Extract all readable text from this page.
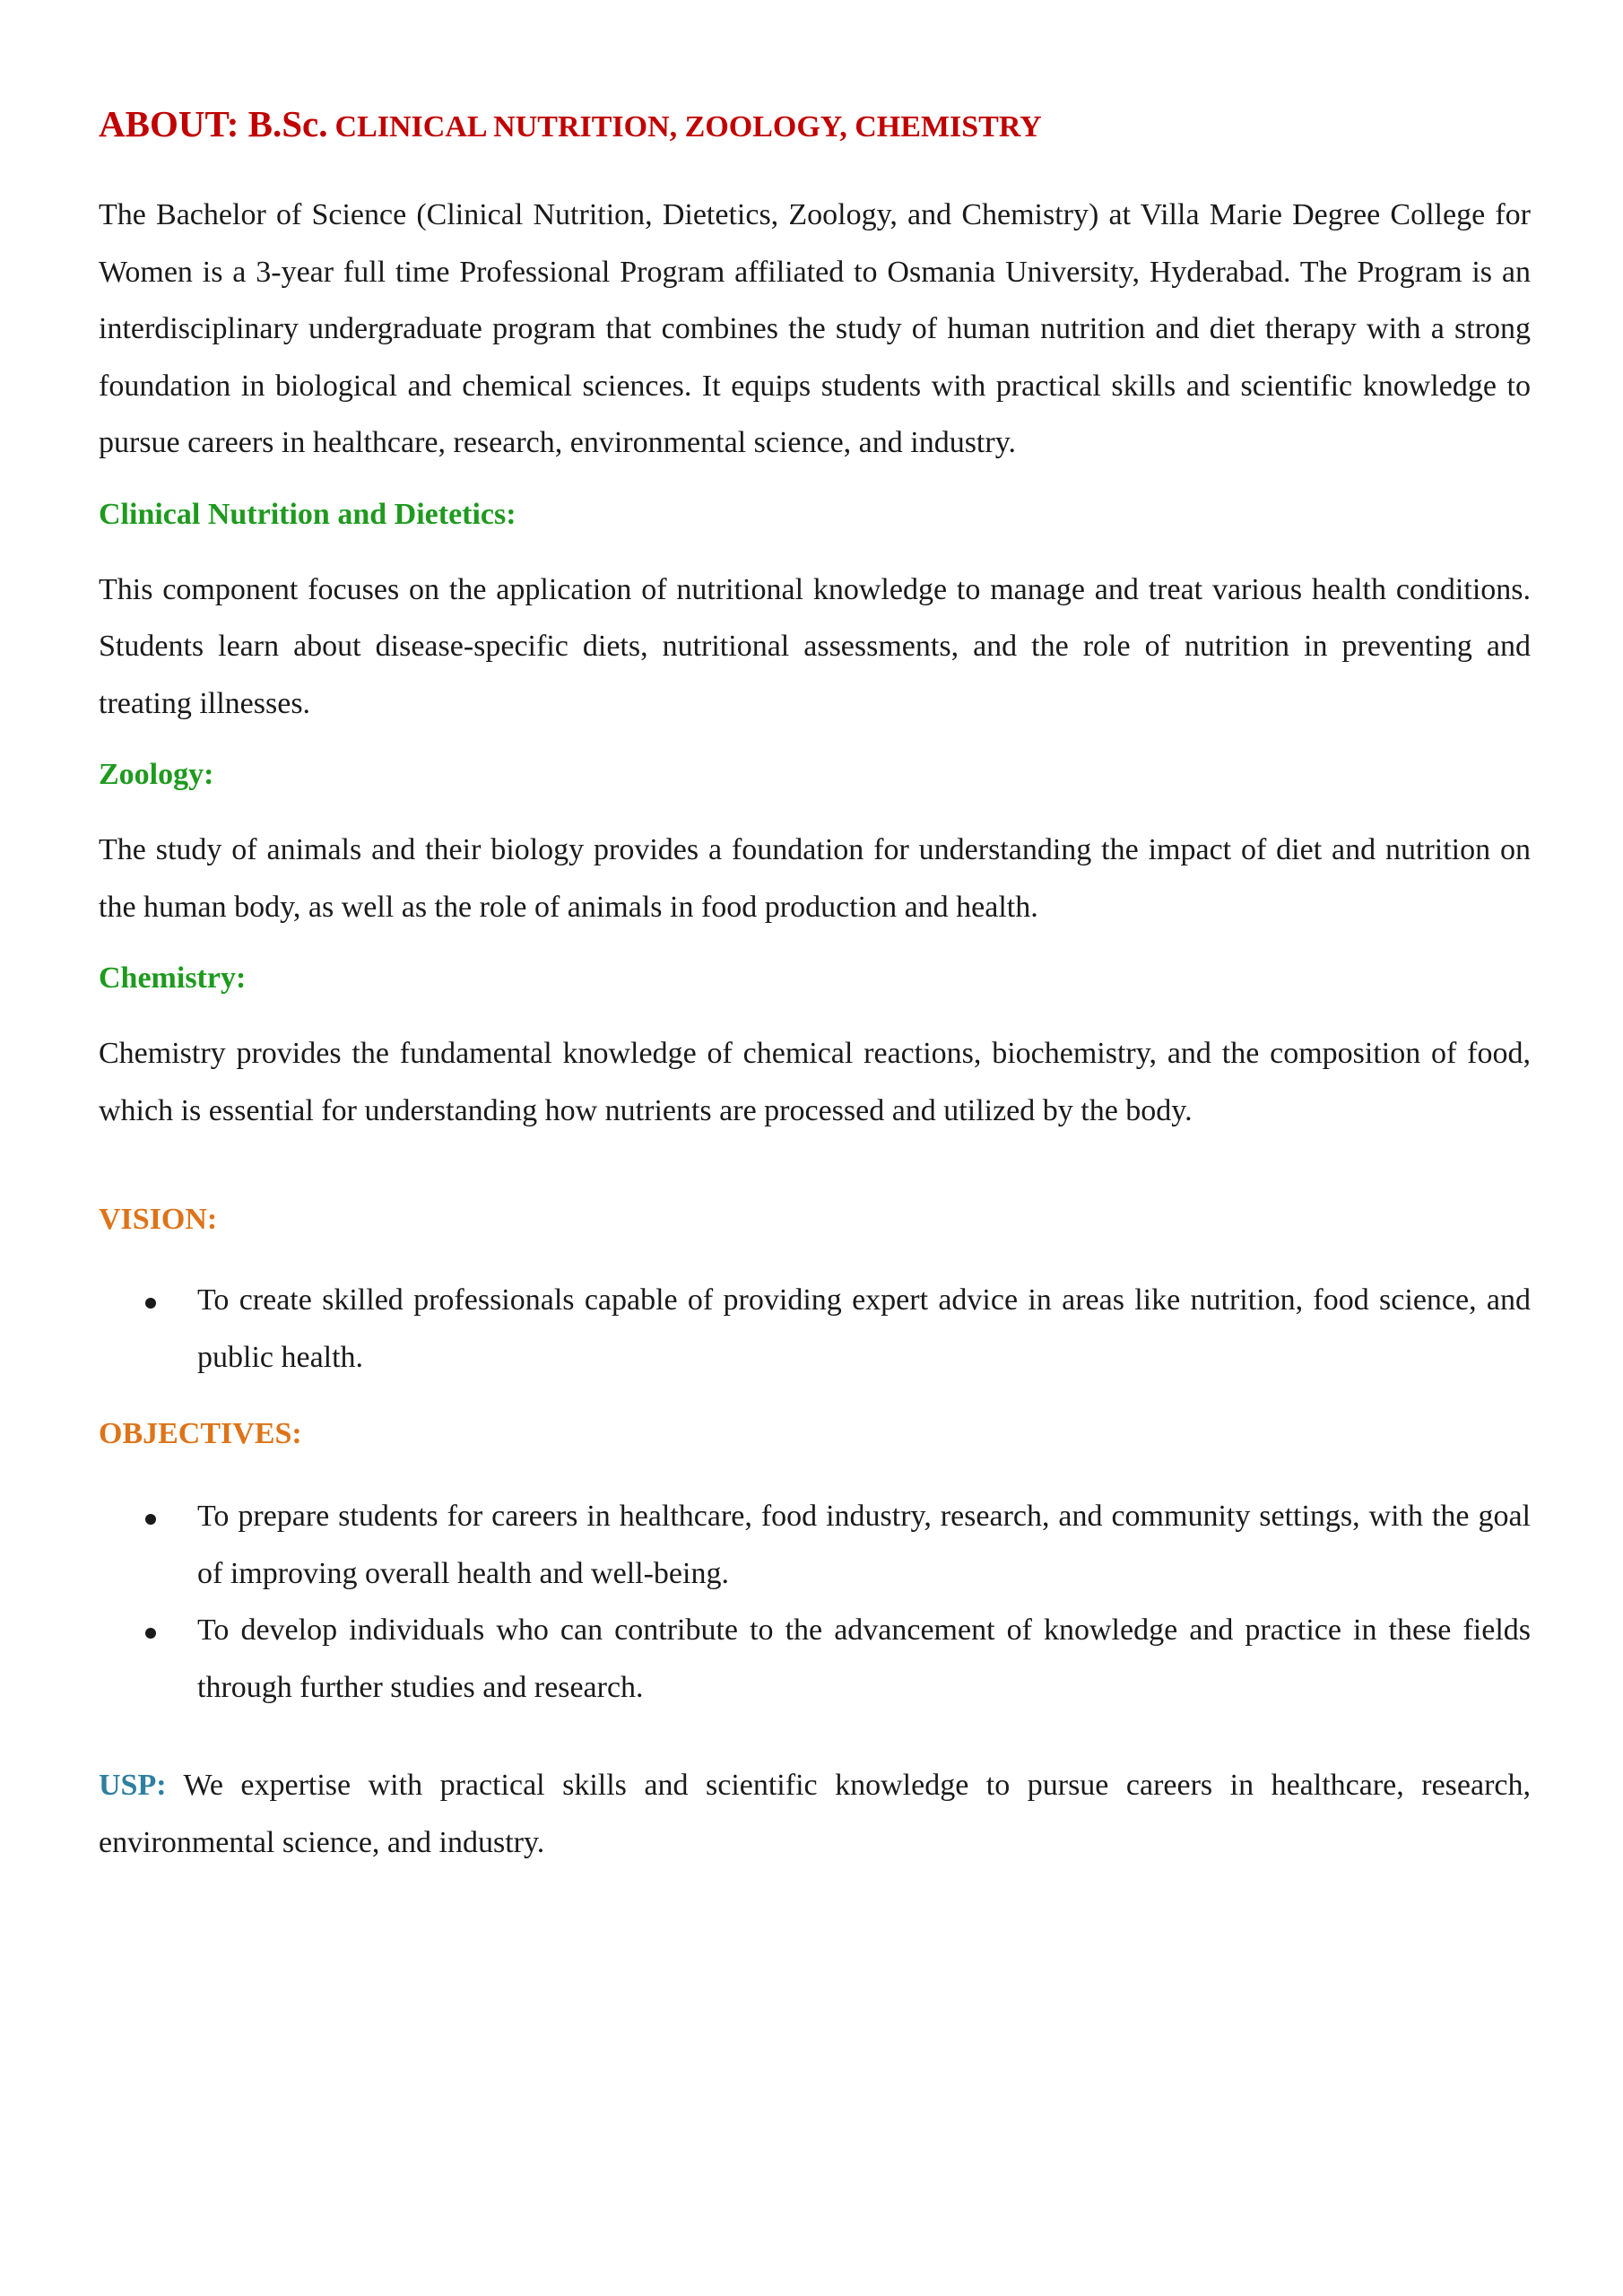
ABOUT: B.Sc. CLINICAL NUTRITION, ZOOLOGY, CHEMISTRY

The Bachelor of Science (Clinical Nutrition, Dietetics, Zoology, and Chemistry) at Villa Marie Degree College for Women is a 3-year full time Professional Program affiliated to Osmania University, Hyderabad. The Program is an interdisciplinary undergraduate program that combines the study of human nutrition and diet therapy with a strong foundation in biological and chemical sciences. It equips students with practical skills and scientific knowledge to pursue careers in healthcare, research, environmental science, and industry.

Clinical Nutrition and Dietetics:

This component focuses on the application of nutritional knowledge to manage and treat various health conditions. Students learn about disease-specific diets, nutritional assessments, and the role of nutrition in preventing and treating illnesses.

Zoology:

The study of animals and their biology provides a foundation for understanding the impact of diet and nutrition on the human body, as well as the role of animals in food production and health.

Chemistry:

Chemistry provides the fundamental knowledge of chemical reactions, biochemistry, and the composition of food, which is essential for understanding how nutrients are processed and utilized by the body.

VISION:
To create skilled professionals capable of providing expert advice in areas like nutrition, food science, and public health.
OBJECTIVES:
To prepare students for careers in healthcare, food industry, research, and community settings, with the goal of improving overall health and well-being.
To develop individuals who can contribute to the advancement of knowledge and practice in these fields through further studies and research.

USP: We expertise with practical skills and scientific knowledge to pursue careers in healthcare, research, environmental science, and industry.
